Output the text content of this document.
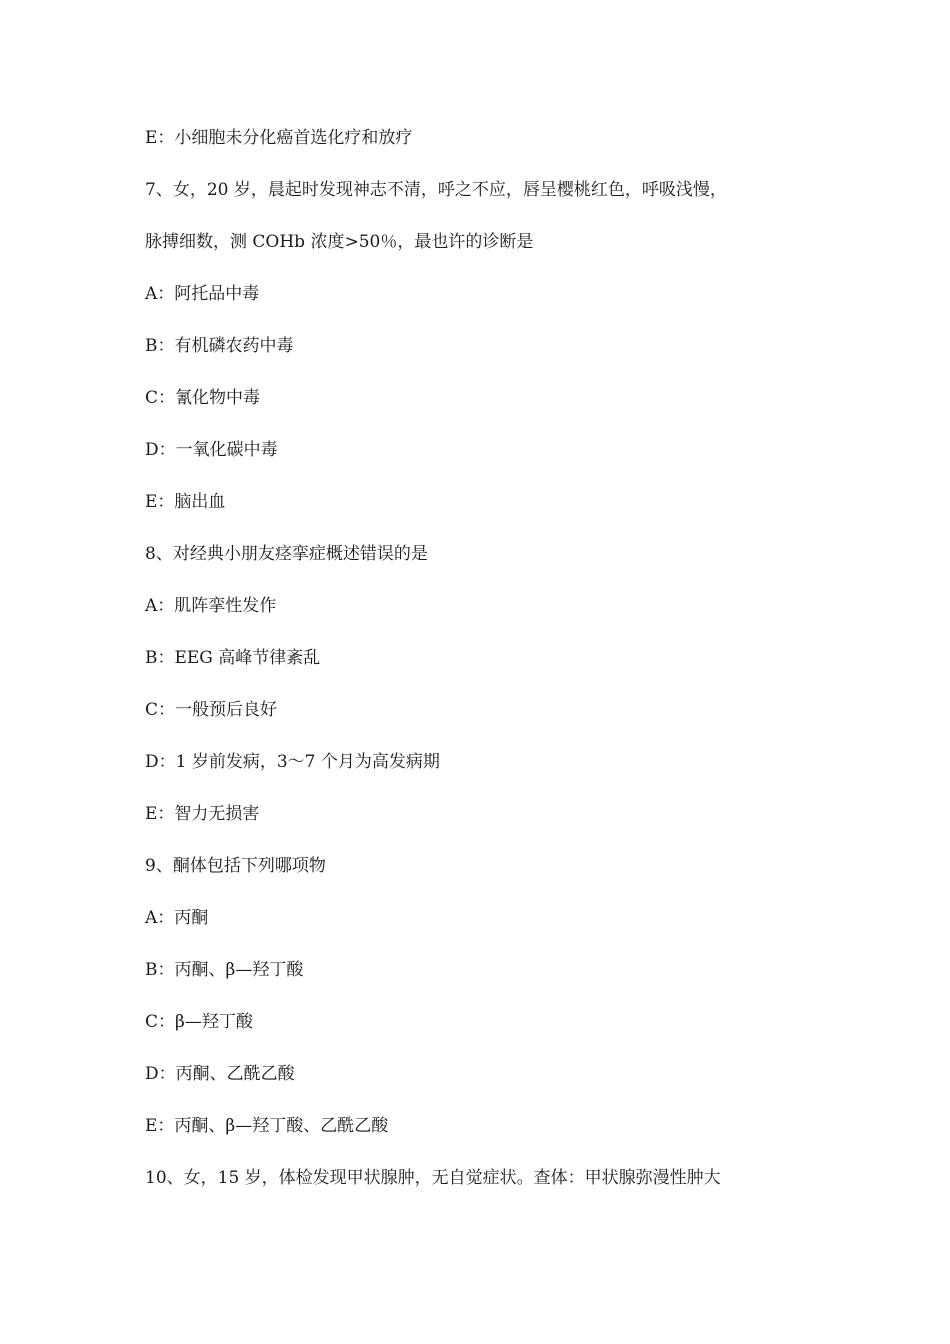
E：小细胞未分化癌首选化疗和放疗
7、女，20 岁，晨起时发现神志不清，呼之不应，唇呈樱桃红色，呼吸浅慢，
脉搏细数，测 COHb 浓度>50％，最也许的诊断是
A：阿托品中毒
B：有机磷农药中毒
C：氰化物中毒
D：一氧化碳中毒
E：脑出血
8、对经典小朋友痉挛症概述错误的是
A：肌阵挛性发作
B：EEG 高峰节律紊乱
C：一般预后良好
D：1 岁前发病，3～7 个月为高发病期
E：智力无损害
9、酮体包括下列哪项物
A：丙酮
B：丙酮、β—羟丁酸
C：β—羟丁酸
D：丙酮、乙酰乙酸
E：丙酮、β—羟丁酸、乙酰乙酸
10、女，15 岁，体检发现甲状腺肿，无自觉症状。查体：甲状腺弥漫性肿大
